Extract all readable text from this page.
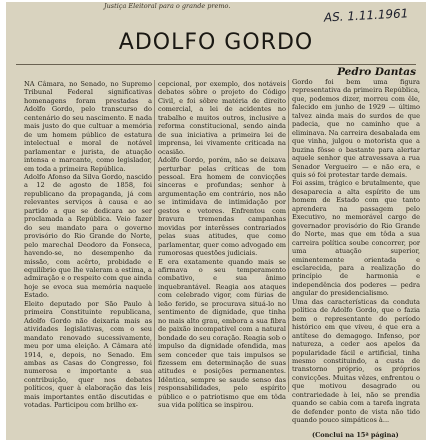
Justiça Eleitoral para o grande premo.
AS. 1.11.1961
ADOLFO GORDO
Pedro Dantas

NA Câmara, no Senado, no Supremo Tribunal Federal significativas homenagens foram prestadas a Adolfo Gordo, pelo transcurso do centenário do seu nascimento. E nada mais justo do que cultuar a memória de um homem público de estatura intelectual e moral de notável parlamentar e jurista, de atuação intensa e marcante, como legislador, em toda a primeira República.
Adolfo Afonso da Silva Gordo, nascido a 12 de agosto de 1858, foi republicano da propaganda, já com relevantes serviços à causa e ao partido a que se dedicara ao ser proclamada a República. Veio fazer do seu mandato para o governo provisório do Rio Grande do Norte, pelo marechal Deodoro da Fonseca, havendo-se, no desempenho da missão, com acêrto, probidade e equilíbrio que lhe valeram a estima, a admiração e o respeito com que ainda hoje se evoca sua memória naquele Estado.
Eleito deputado por São Paulo à primeira Constituinte republicana, Adolfo Gordo não deixaria mais as atividades legislativas, com o seu mandato renovado sucessivamente, meu por uma eleição. A Câmara até 1914, e, depois, no Senado. Em ambas as Casas do Congresso, foi numerosa e importante a sua contribuição, quer nos debates políticos, quer à elaboração das leis mais importantes então discutidas e votadas. Participou com brilho ex-

cepcional, por exemplo, dos notáveis debates sôbre o projeto do Código Civil, e foi sôbre matéria de direito comercial, a lei de acidentes no trabalho e muitos outros, inclusive a reforma constitucional, sendo ainda de sua iniciativa a primeira lei de imprensa, lei vivamente criticada na ocasião.
Adolfo Gordo, porém, não se deixava perturbar pelas críticas de tom pessoal. Era homem de convicções sinceras e profundas; senhor à argumentação em contrário, nos não se intimidava de intimidação por gestos e vetores. Enfrentou com bravura tremendas campanhas movidas por interêsses contrariados pelas suas atitudes, que como parlamentar, quer como advogado em rumorosas questões judiciais.
E era exatamente quando mais se afirmava o seu temperamento combativo, e sua ânimo inquebrantável. Reagia aos ataques com celebrado vigor, com fúrias de leão ferido, se procurava situá-lo no sentimento de dignidade, que tinha no mais alto grau, embora a sua fibra de paixão incompatível com a natural bondade do seu coração. Reagia sob o impulso da dignidade ofendida, mas sem conceder que tais impulsos se fizessem em determinação de suas atitudes e posições permanentes. Idêntica, sempre se saude senso das responsabilidades, pelo espírito público e o patriotismo que em tôda sua vida política se inspirou.

Gordo foi bem uma figura representativa da primeira República, que, podemos dizer, morreu com êle, falecido em junho de 1929 — último talvez ainda mais do surdos de que padecia, que no caminho que a eliminava. Na carreira desabalada em que vinha, julgou o motorista que a buzina fôsse o bastante para alertar aquele senhor que atravessava a rua Senador Vergueiro — e não era, e quis só foi protestar tarde demais.
Foi assim, trágico e brutalmente, que desaparecia a alta espírito de um homem de Estado com que tanto aprendera na passagem pelo Executivo, no memorável cargo de governador provisório do Rio Grande do Norte, mas que em tôda a sua carreira política soube concorrer, por uma atuação superior, eminentemente orientada e esclarecida, para a realização do princípio de harmonia e independência dos poderes — pedra angular do presidencialismo.
Uma das características da conduta política de Adolfo Gordo, que o fazia bem o representante do período histórico em que viveu, é que era a antítese do demagogo. Infenso, por natureza, a ceder aos apelos da popularidade fácil e artificial, tinha mesmo constituindo, a custa de transtorno próprio, os próprios convicções. Muitas vêzes, enfrentou o que motivou desagrado ou contrariedade à lei, não se prendia quando se cabia com a tarefa ingrata de defender ponto de vista não tido quando pouco simpáticos à...

(Conclui na 15ª página)
